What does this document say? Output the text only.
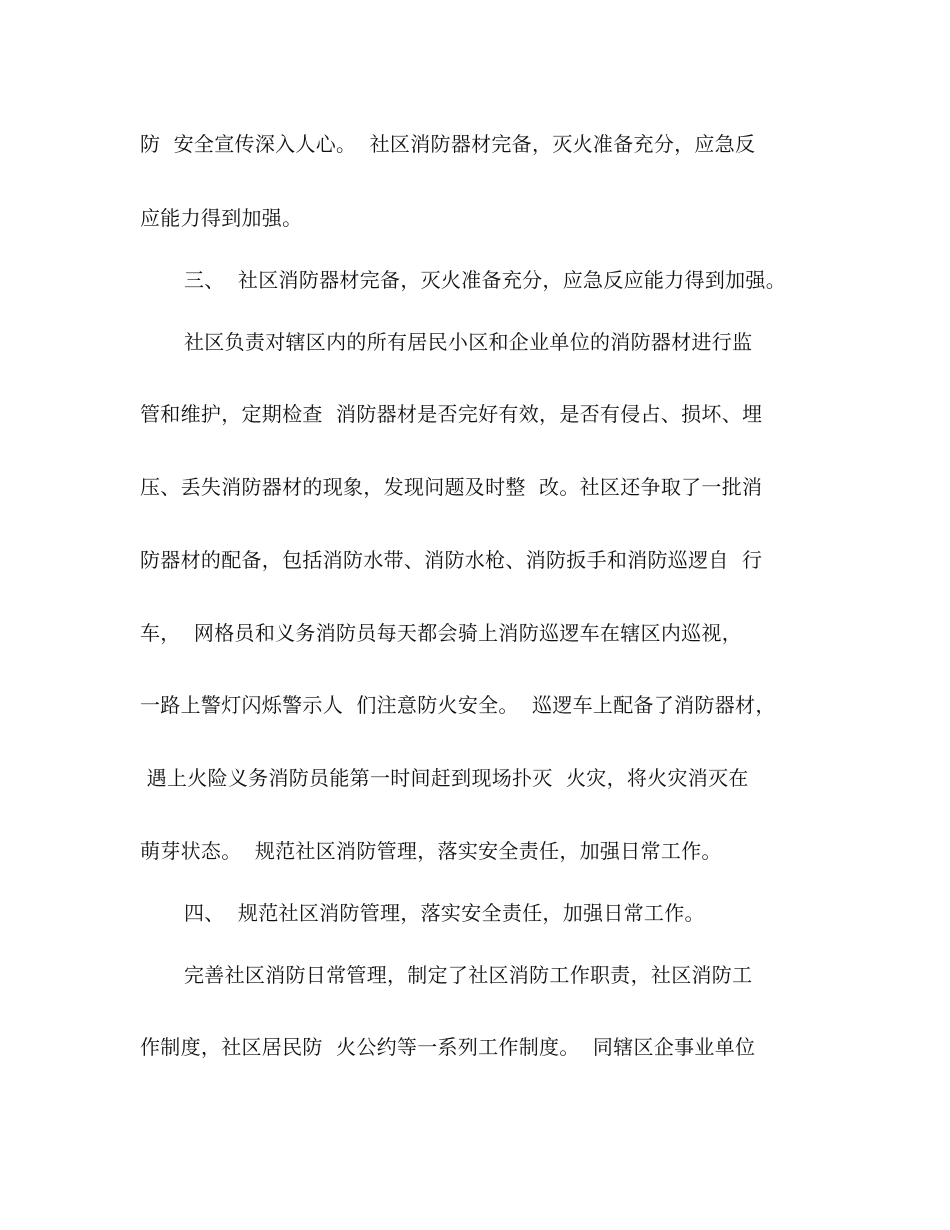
防  安全宣传深入人心。  社区消防器材完备，灭火准备充分，应急反
应能力得到加强。
三、  社区消防器材完备，灭火准备充分，应急反应能力得到加强。
社区负责对辖区内的所有居民小区和企业单位的消防器材进行监
管和维护，定期检查  消防器材是否完好有效，是否有侵占、损坏、埋
压、丢失消防器材的现象，发现问题及时整  改。社区还争取了一批消
防器材的配备，包括消防水带、消防水枪、消防扳手和消防巡逻自  行
车，  网格员和义务消防员每天都会骑上消防巡逻车在辖区内巡视，
一路上警灯闪烁警示人  们注意防火安全。  巡逻车上配备了消防器材，
遇上火险义务消防员能第一时间赶到现场扑灭  火灾，将火灾消灭在
萌芽状态。  规范社区消防管理，落实安全责任，加强日常工作。
四、  规范社区消防管理，落实安全责任，加强日常工作。
完善社区消防日常管理，制定了社区消防工作职责，社区消防工
作制度，社区居民防  火公约等一系列工作制度。  同辖区企事业单位
